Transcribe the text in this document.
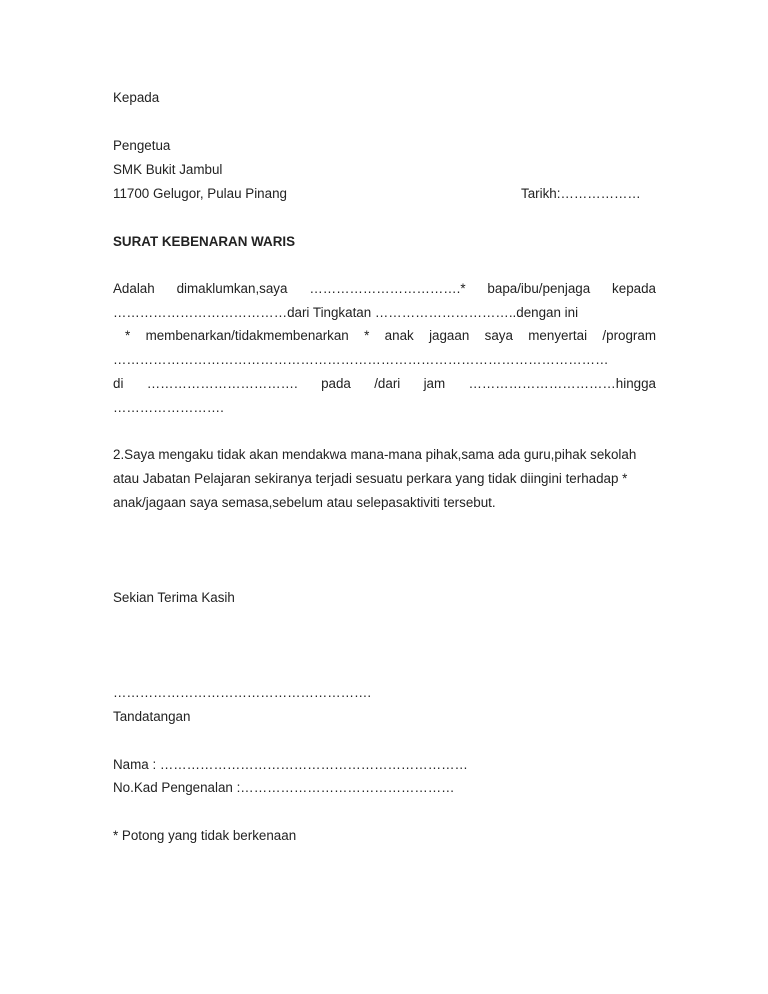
Kepada
Pengetua
SMK Bukit Jambul
11700 Gelugor, Pulau Pinang	Tarikh:………………
SURAT KEBENARAN WARIS
Adalah dimaklumkan,saya …………………………….* bapa/ibu/penjaga kepada
…………………………………dari Tingkatan …………………………..dengan ini
* membenarkan/tidakmembenarkan * anak jagaan saya menyertai /program
…………………………………………………………………………………………………
di ……………………………. pada /dari jam ……………………………hingga
…………………….
2.Saya mengaku tidak akan mendakwa mana-mana pihak,sama ada guru,pihak sekolah
atau Jabatan Pelajaran sekiranya terjadi sesuatu perkara yang tidak diingini terhadap *
anak/jagaan saya semasa,sebelum atau selepasaktiviti tersebut.
Sekian Terima Kasih
………………………………………………….
Tandatangan
Nama : ……………………………………………………………
No.Kad Pengenalan :…………………………………………
* Potong yang tidak berkenaan
